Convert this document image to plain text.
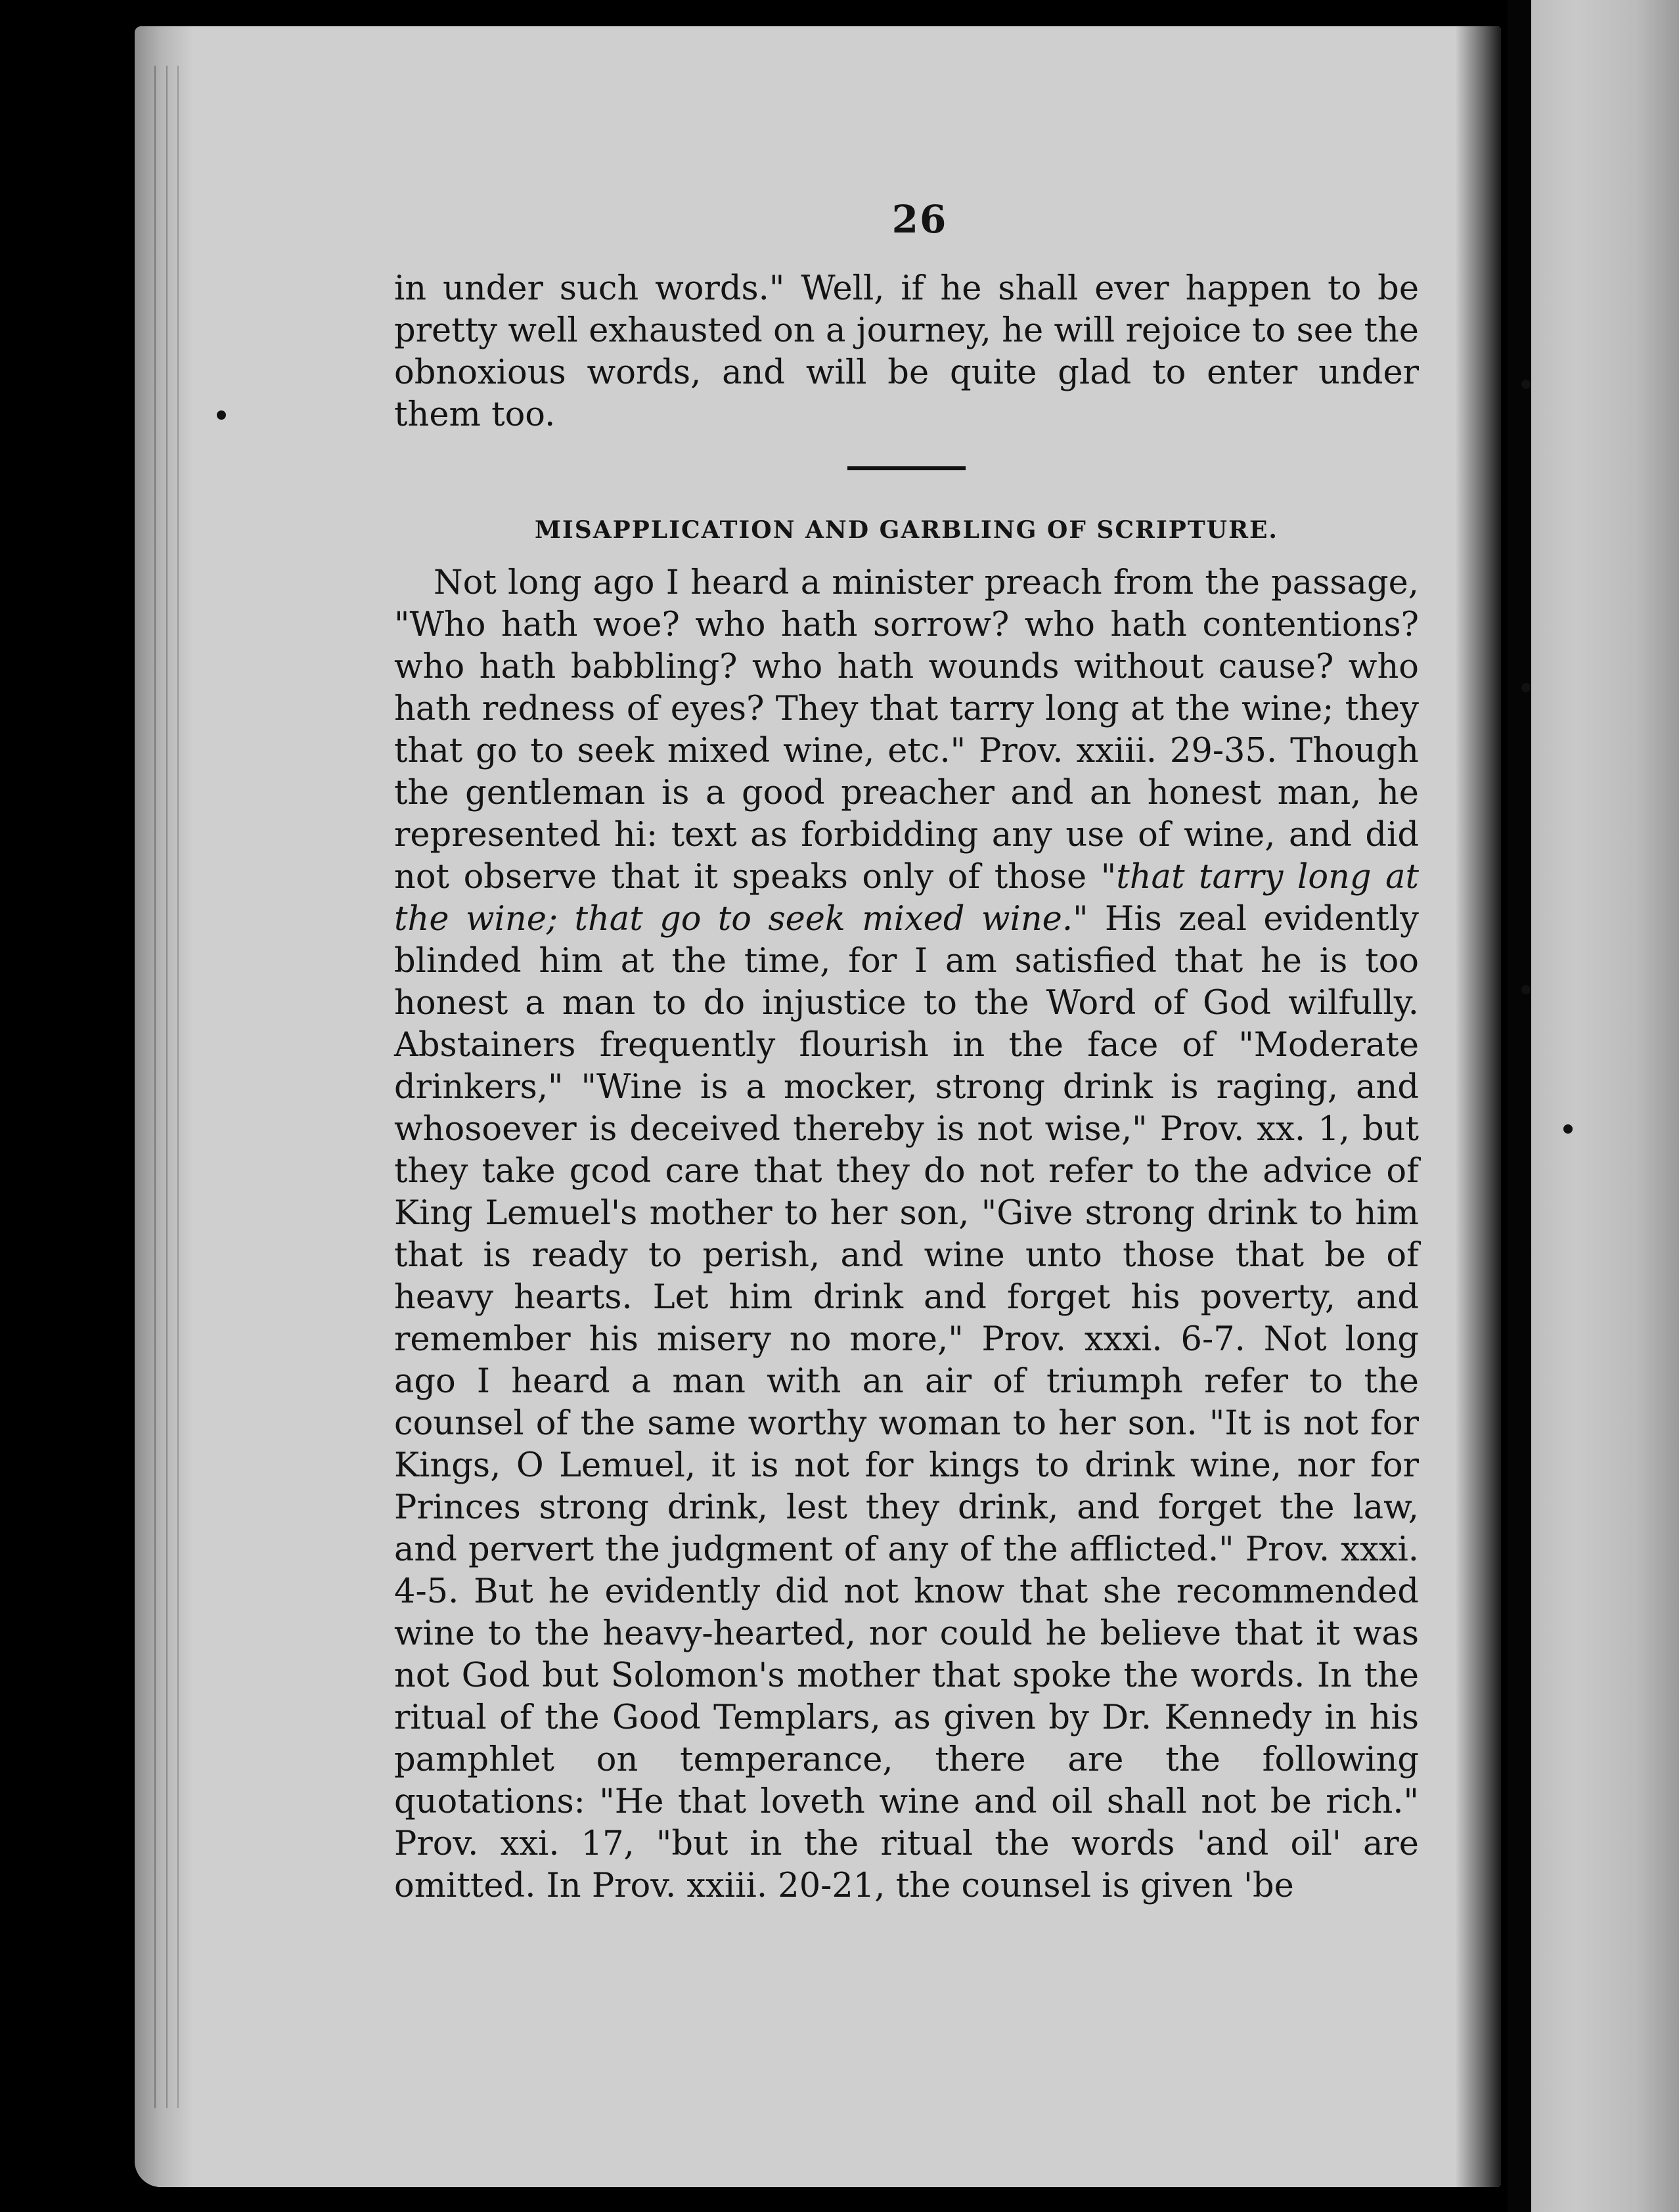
26

in under such words." Well, if he shall ever happen to be pretty well exhausted on a journey, he will rejoice to see the obnoxious words, and will be quite glad to enter under them too.

MISAPPLICATION AND GARBLING OF SCRIPTURE.

Not long ago I heard a minister preach from the passage, "Who hath woe? who hath sorrow? who hath contentions? who hath babbling? who hath wounds without cause? who hath redness of eyes? They that tarry long at the wine; they that go to seek mixed wine, etc." Prov. xxiii. 29-35. Though the gentleman is a good preacher and an honest man, he represented hi: text as forbidding any use of wine, and did not observe that it speaks only of those "that tarry long at the wine; that go to seek mixed wine." His zeal evidently blinded him at the time, for I am satisfied that he is too honest a man to do injustice to the Word of God wilfully. Abstainers frequently flourish in the face of "Moderate drinkers," "Wine is a mocker, strong drink is raging, and whosoever is deceived thereby is not wise," Prov. xx. 1, but they take gcod care that they do not refer to the advice of King Lemuel's mother to her son, "Give strong drink to him that is ready to perish, and wine unto those that be of heavy hearts. Let him drink and forget his poverty, and remember his misery no more," Prov. xxxi. 6-7. Not long ago I heard a man with an air of triumph refer to the counsel of the same worthy woman to her son. "It is not for Kings, O Lemuel, it is not for kings to drink wine, nor for Princes strong drink, lest they drink, and forget the law, and pervert the judgment of any of the afflicted." Prov. xxxi. 4-5. But he evidently did not know that she recommended wine to the heavy-hearted, nor could he believe that it was not God but Solomon's mother that spoke the words. In the ritual of the Good Templars, as given by Dr. Kennedy in his pamphlet on temperance, there are the following quotations: "He that loveth wine and oil shall not be rich." Prov. xxi. 17, "but in the ritual the words 'and oil' are omitted. In Prov. xxiii. 20-21, the counsel is given 'be
